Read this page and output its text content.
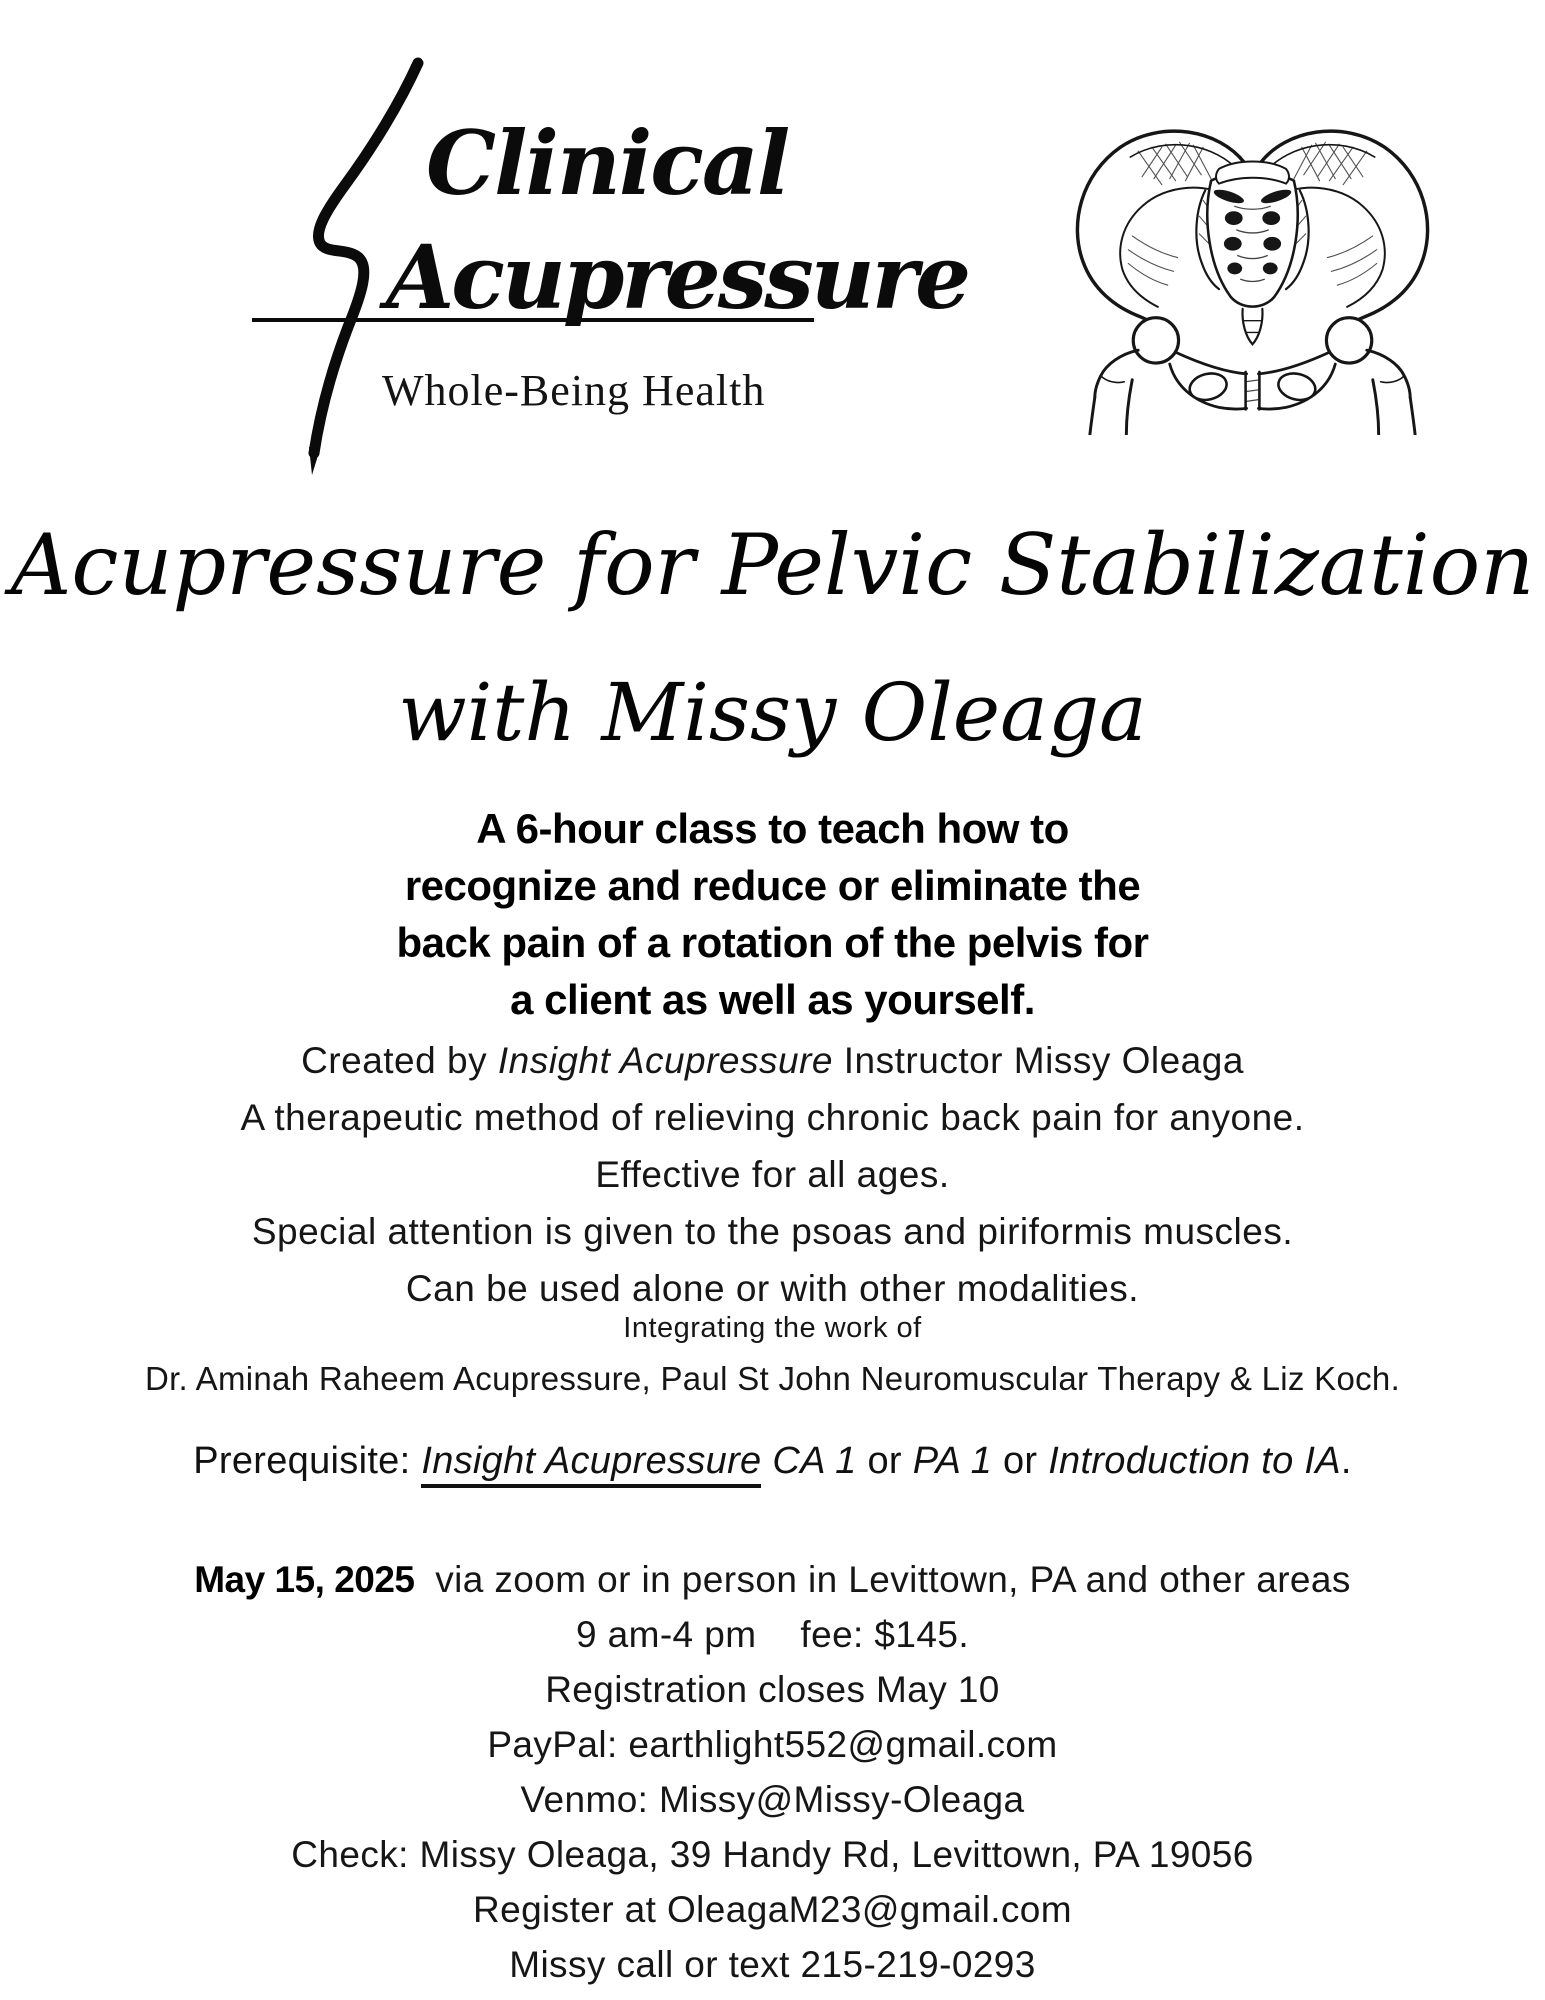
Clinical
Acupressure
Whole-Being Health
Acupressure for Pelvic Stabilization
with Missy Oleaga
A 6-hour class to teach how to
recognize and reduce or eliminate the
back pain of a rotation of the pelvis for
a client as well as yourself.
Created by Insight Acupressure Instructor Missy Oleaga
A therapeutic method of relieving chronic back pain for anyone.
Effective for all ages.
Special attention is given to the psoas and piriformis muscles.
Can be used alone or with other modalities.
Integrating the work of
Dr. Aminah Raheem Acupressure, Paul St John Neuromuscular Therapy & Liz Koch.
Prerequisite: Insight Acupressure CA 1 or PA 1 or Introduction to IA.
May 15, 2025 via zoom or in person in Levittown, PA and other areas
9 am-4 pm fee: $145.
Registration closes May 10
PayPal: earthlight552@gmail.com
Venmo: Missy@Missy-Oleaga
Check: Missy Oleaga, 39 Handy Rd, Levittown, PA 19056
Register at OleagaM23@gmail.com
Missy call or text 215-219-0293
